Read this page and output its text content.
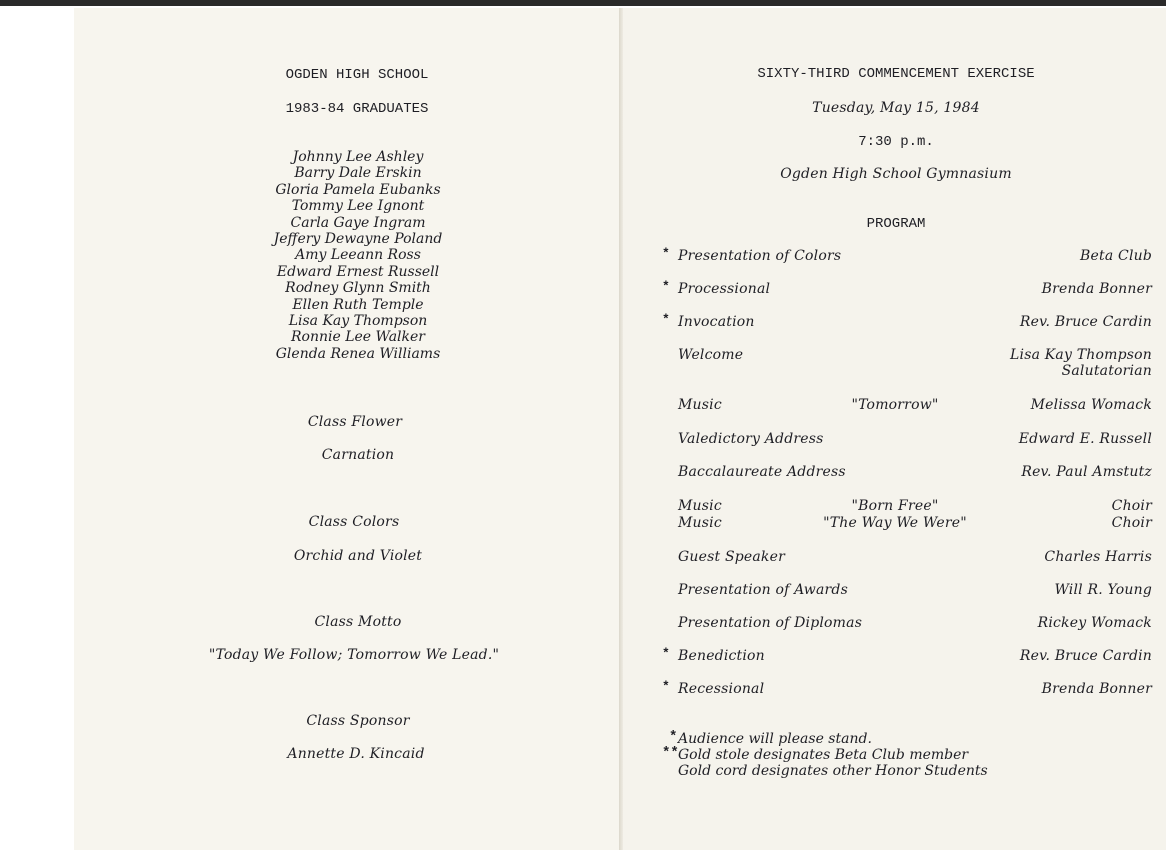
OGDEN HIGH SCHOOL
1983-84 GRADUATES
Johnny Lee Ashley
Barry Dale Erskin
Gloria Pamela Eubanks
Tommy Lee Ignont
Carla Gaye Ingram
Jeffery Dewayne Poland
Amy Leeann Ross
Edward Ernest Russell
Rodney Glynn Smith
Ellen Ruth Temple
Lisa Kay Thompson
Ronnie Lee Walker
Glenda Renea Williams
Class Flower
Carnation
Class Colors
Orchid and Violet
Class Motto
"Today We Follow; Tomorrow We Lead."
Class Sponsor
Annette D. Kincaid
SIXTY-THIRD COMMENCEMENT EXERCISE
Tuesday, May 15, 1984
7:30 p.m.
Ogden High School Gymnasium
PROGRAM
* Presentation of Colors	Beta Club
* Processional	Brenda Bonner
* Invocation	Rev. Bruce Cardin
Welcome	Lisa Kay Thompson
Salutatorian
Music	"Tomorrow"	Melissa Womack
Valedictory Address	Edward E. Russell
Baccalaureate Address	Rev. Paul Amstutz
Music	"Born Free"	Choir
Music	"The Way We Were"	Choir
Guest Speaker	Charles Harris
Presentation of Awards	Will R. Young
Presentation of Diplomas	Rickey Womack
* Benediction	Rev. Bruce Cardin
* Recessional	Brenda Bonner
* Audience will please stand.
** Gold stole designates Beta Club member
Gold cord designates other Honor Students
